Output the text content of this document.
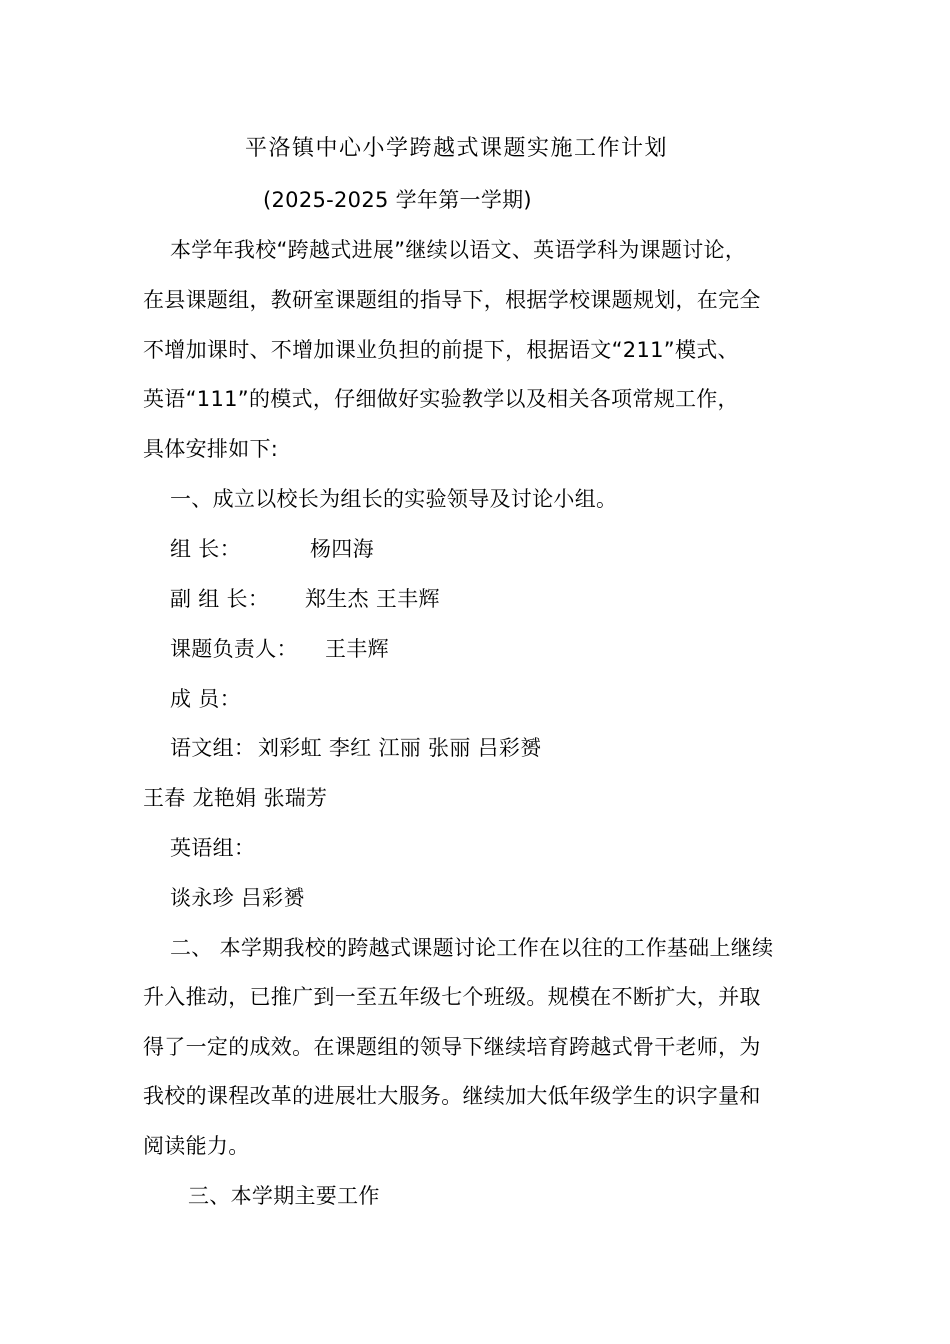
平洛镇中心小学跨越式课题实施工作计划
(2025-2025 学年第一学期)
本学年我校“跨越式进展”继续以语文、英语学科为课题讨论，
在县课题组，教研室课题组的指导下，根据学校课题规划，在完全
不增加课时、不增加课业负担的前提下，根据语文“211”模式、
英语“111”的模式，仔细做好实验教学以及相关各项常规工作，
具体安排如下:
一、成立以校长为组长的实验领导及讨论小组。
组 长：	杨四海
副 组 长： 郑生杰 王丰辉
课题负责人： 王丰辉
成 员：
语文组： 刘彩虹 李红 江丽 张丽 吕彩赟
王春 龙艳娟 张瑞芳
英语组：
谈永珍 吕彩赟
二、 本学期我校的跨越式课题讨论工作在以往的工作基础上继续
升入推动，已推广到一至五年级七个班级。规模在不断扩大，并取
得了一定的成效。在课题组的领导下继续培育跨越式骨干老师，为
我校的课程改革的进展壮大服务。继续加大低年级学生的识字量和
阅读能力。
三、本学期主要工作
